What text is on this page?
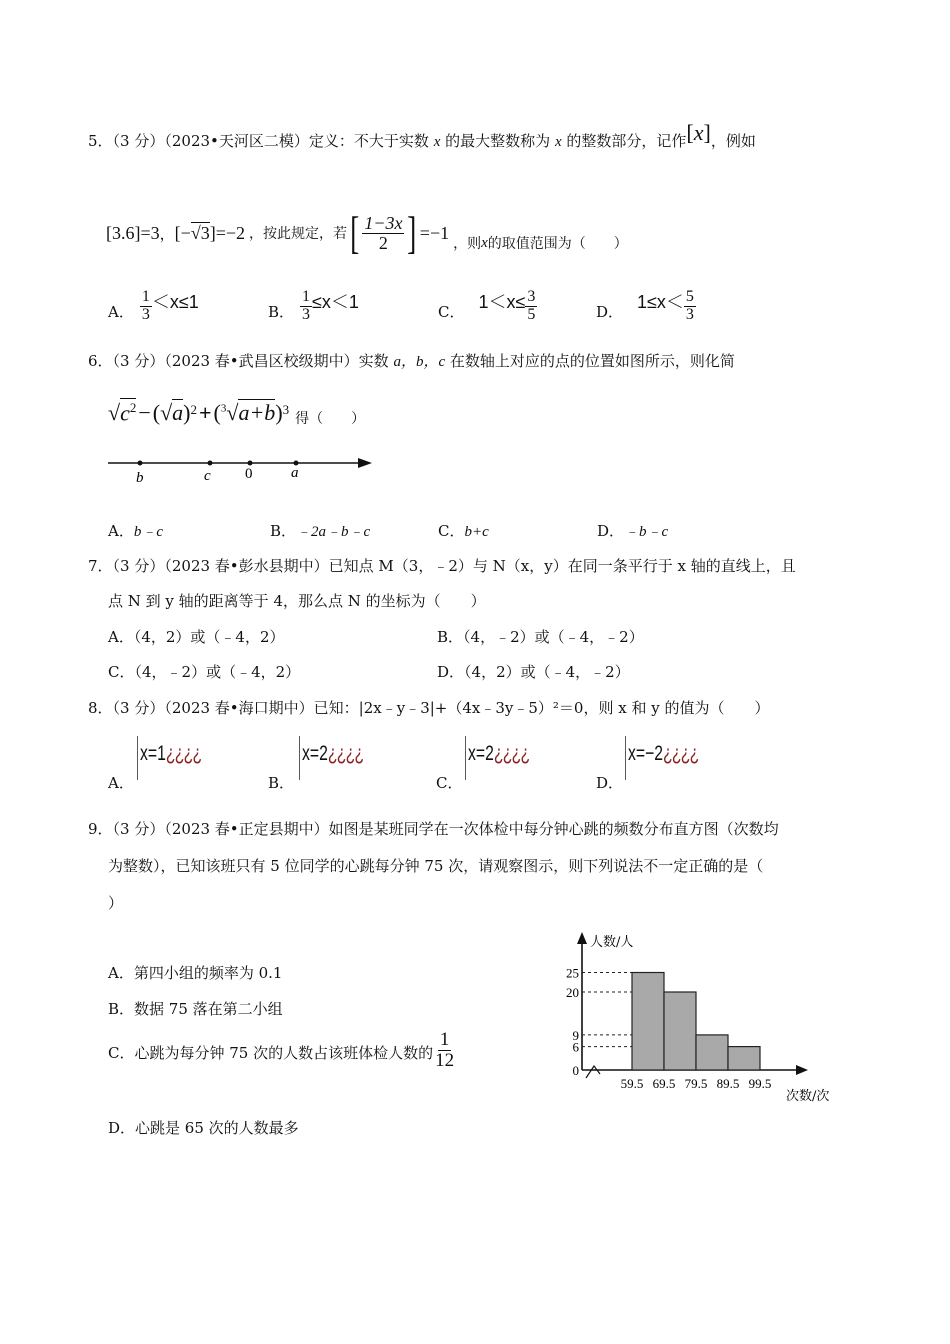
5．（3 分）（2023•天河区二模）定义：不大于实数 x 的最大整数称为 x 的整数部分，记作[x]，例如
[3.6]=3 ， [−√3]=−2 ，按此规定，若 [ $\frac{1-3x}{2}$ ] =−1
，则 x 的取值范围为（　　）
A． $\frac{1}{3} <x\le 1$	B． $\frac{1}{3} \le x<1$	C． $1<x\le \frac{3}{5}$	D． $1\le x< \frac{5}{3}$
6．（3 分）（2023 春•武昌区校级期中）实数 a，b，c 在数轴上对应的点的位置如图所示，则化简
√ $c^2 - (√a) 2 + (^3√a+b)$ 3
得（　　）
b	c 0	a
A．b﹣c	B．﹣2a﹣b﹣c	C．b+c	D．﹣b﹣c
7．（3 分）（2023 春•彭水县期中）已知点 M（3，﹣2）与 N（x，y）在同一条平行于 x 轴的直线上，且
点 N 到 y 轴的距离等于 4，那么点 N 的坐标为（　　）
A．（4，2）或（﹣4，2）	B．（4，﹣2）或（﹣4，﹣2）
C．（4，﹣2）或（﹣4，2）	D．（4，2）或（﹣4，﹣2）
8．（3 分）（2023 春•海口期中）已知：|2x﹣y﹣3|+（4x﹣3y﹣5）²＝0，则 x 和 y 的值为（　　）
A．
x=1¿¿¿¿
B．
x=2¿¿¿¿
C．
x=2¿¿¿¿
D．
x=−2¿¿¿¿
9．（3 分）（2023 春•正定县期中）如图是某班同学在一次体检中每分钟心跳的频数分布直方图（次数均
为整数），已知该班只有 5 位同学的心跳每分钟 75 次，请观察图示，则下列说法不一定正确的是（
）
A．第四小组的频率为 0.1
B．数据 75 落在第二小组
C． 心跳为每分钟 75 次的人数占该班体检人数的 $\frac{1}{12}$
D．心跳是 65 次的人数最多
人数/人
次数/次
0
6
9
20
25
59.5 69.5 79.5 89.5 99.5
